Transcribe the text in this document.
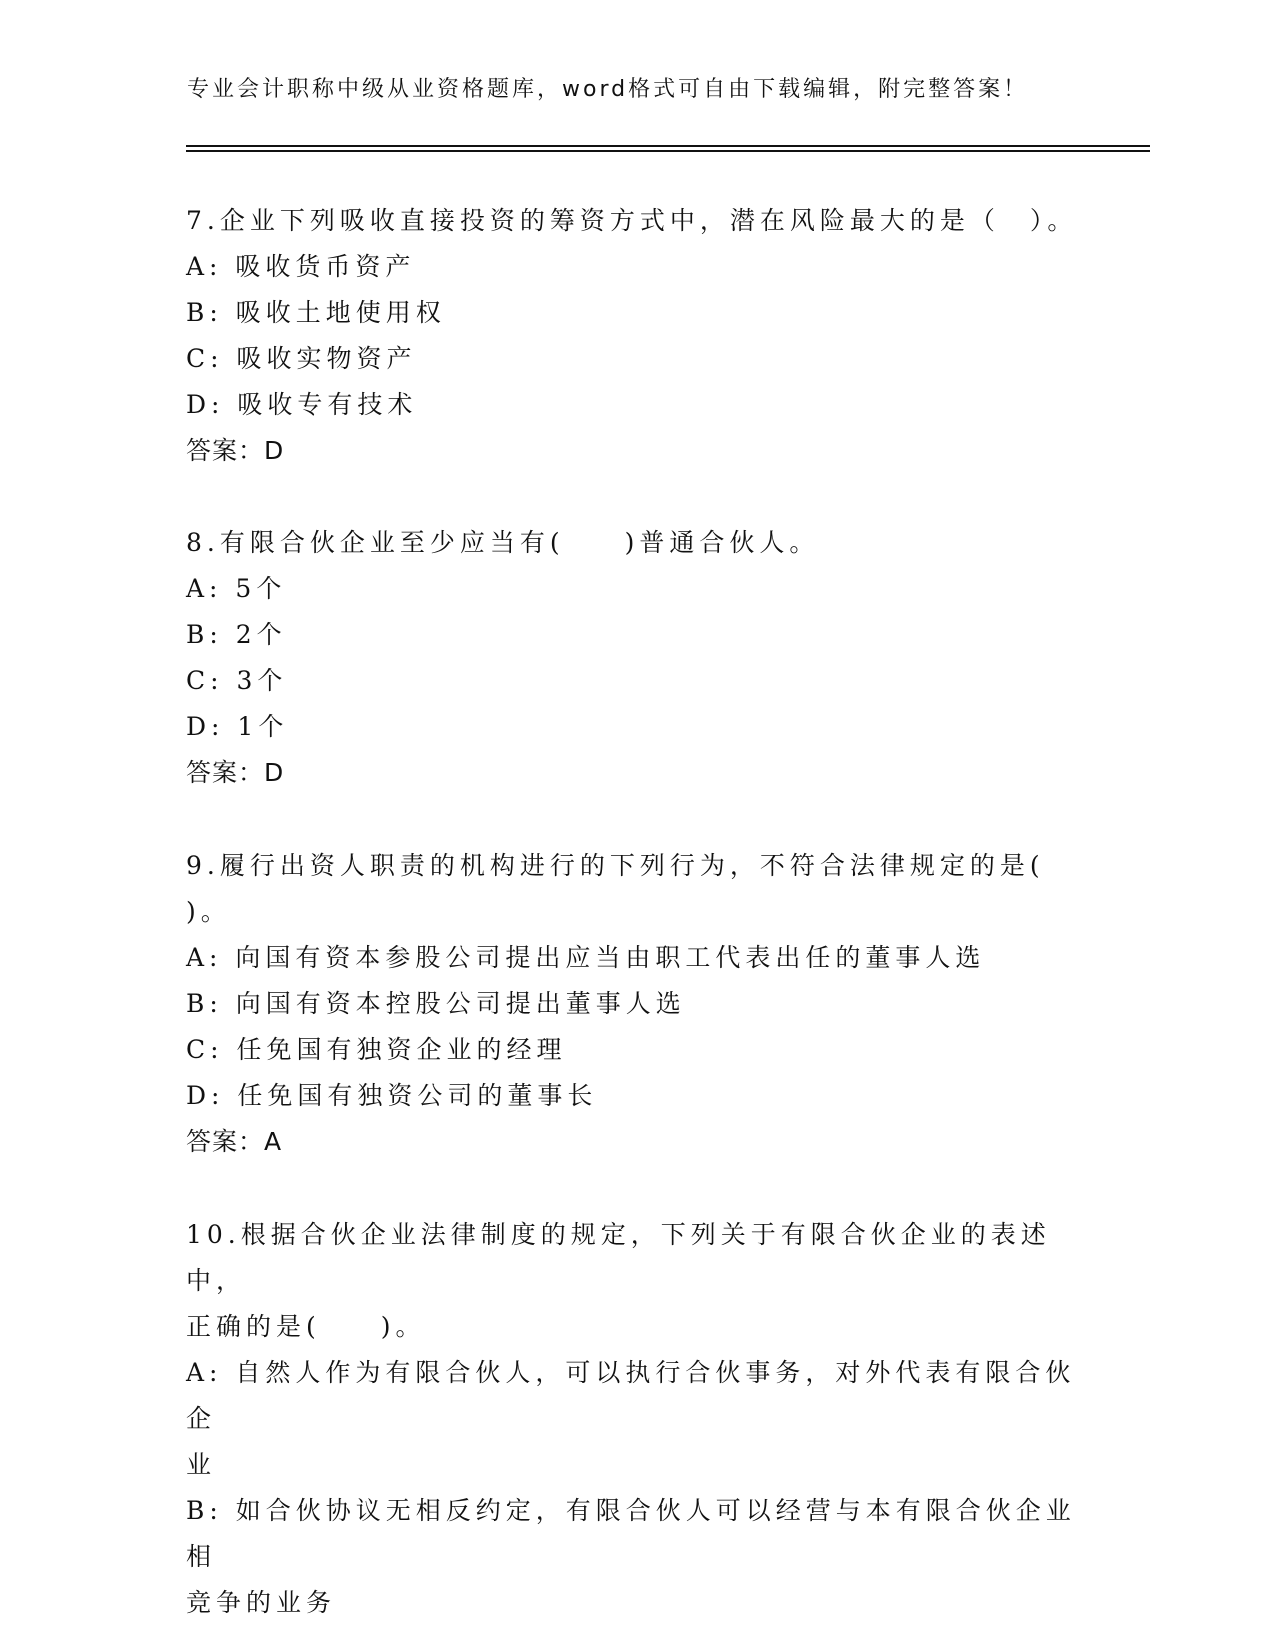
专业会计职称中级从业资格题库，word格式可自由下载编辑，附完整答案！

7.企业下列吸收直接投资的筹资方式中，潜在风险最大的是（　）。

A: 吸收货币资产

B: 吸收土地使用权

C: 吸收实物资产

D: 吸收专有技术

答案：D

8.有限合伙企业至少应当有(　　)普通合伙人。

A: 5个

B: 2个

C: 3个

D: 1个

答案：D

9.履行出资人职责的机构进行的下列行为，不符合法律规定的是(
)。

A: 向国有资本参股公司提出应当由职工代表出任的董事人选

B: 向国有资本控股公司提出董事人选

C: 任免国有独资企业的经理

D: 任免国有独资公司的董事长

答案：A

10.根据合伙企业法律制度的规定，下列关于有限合伙企业的表述中，
正确的是(　　)。

A: 自然人作为有限合伙人，可以执行合伙事务，对外代表有限合伙企
业

B: 如合伙协议无相反约定，有限合伙人可以经营与本有限合伙企业相
竞争的业务
